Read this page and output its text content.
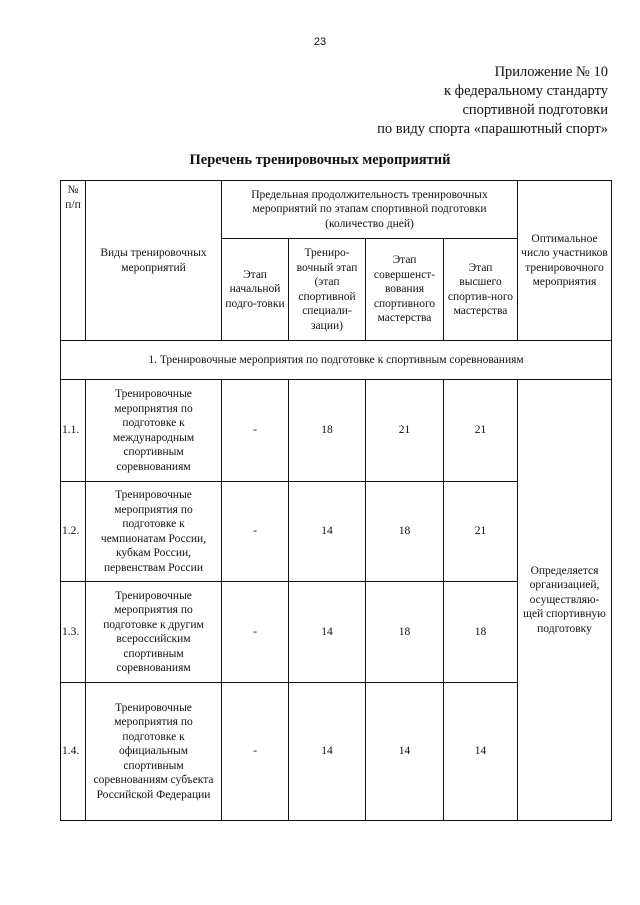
23
Приложение № 10
к федеральному стандарту
спортивной подготовки
по виду спорта «парашютный спорт»
Перечень тренировочных мероприятий
№ п/п	Виды тренировочных мероприятий	Предельная продолжительность тренировочных мероприятий по этапам спортивной подготовки (количество дней)				Оптимальное число участников тренировочного мероприятия
		Этап начальной подго-товки	Трениро-вочный этап (этап спортивной специали-зации)	Этап совершенст-вования спортивного мастерства	Этап высшего спортив-ного мастерства	
1. Тренировочные мероприятия по подготовке к спортивным соревнованиям						
1.1.	Тренировочные мероприятия по подготовке к международным спортивным соревнованиям	-	18	21	21	Определяется организацией, осуществляю-щей спортивную подготовку
1.2.	Тренировочные мероприятия по подготовке к чемпионатам России, кубкам России, первенствам России	-	14	18	21	
1.3.	Тренировочные мероприятия по подготовке к другим всероссийским спортивным соревнованиям	-	14	18	18	
1.4.	Тренировочные мероприятия по подготовке к официальным спортивным соревнованиям субъекта Российской Федерации	-	14	14	14	
